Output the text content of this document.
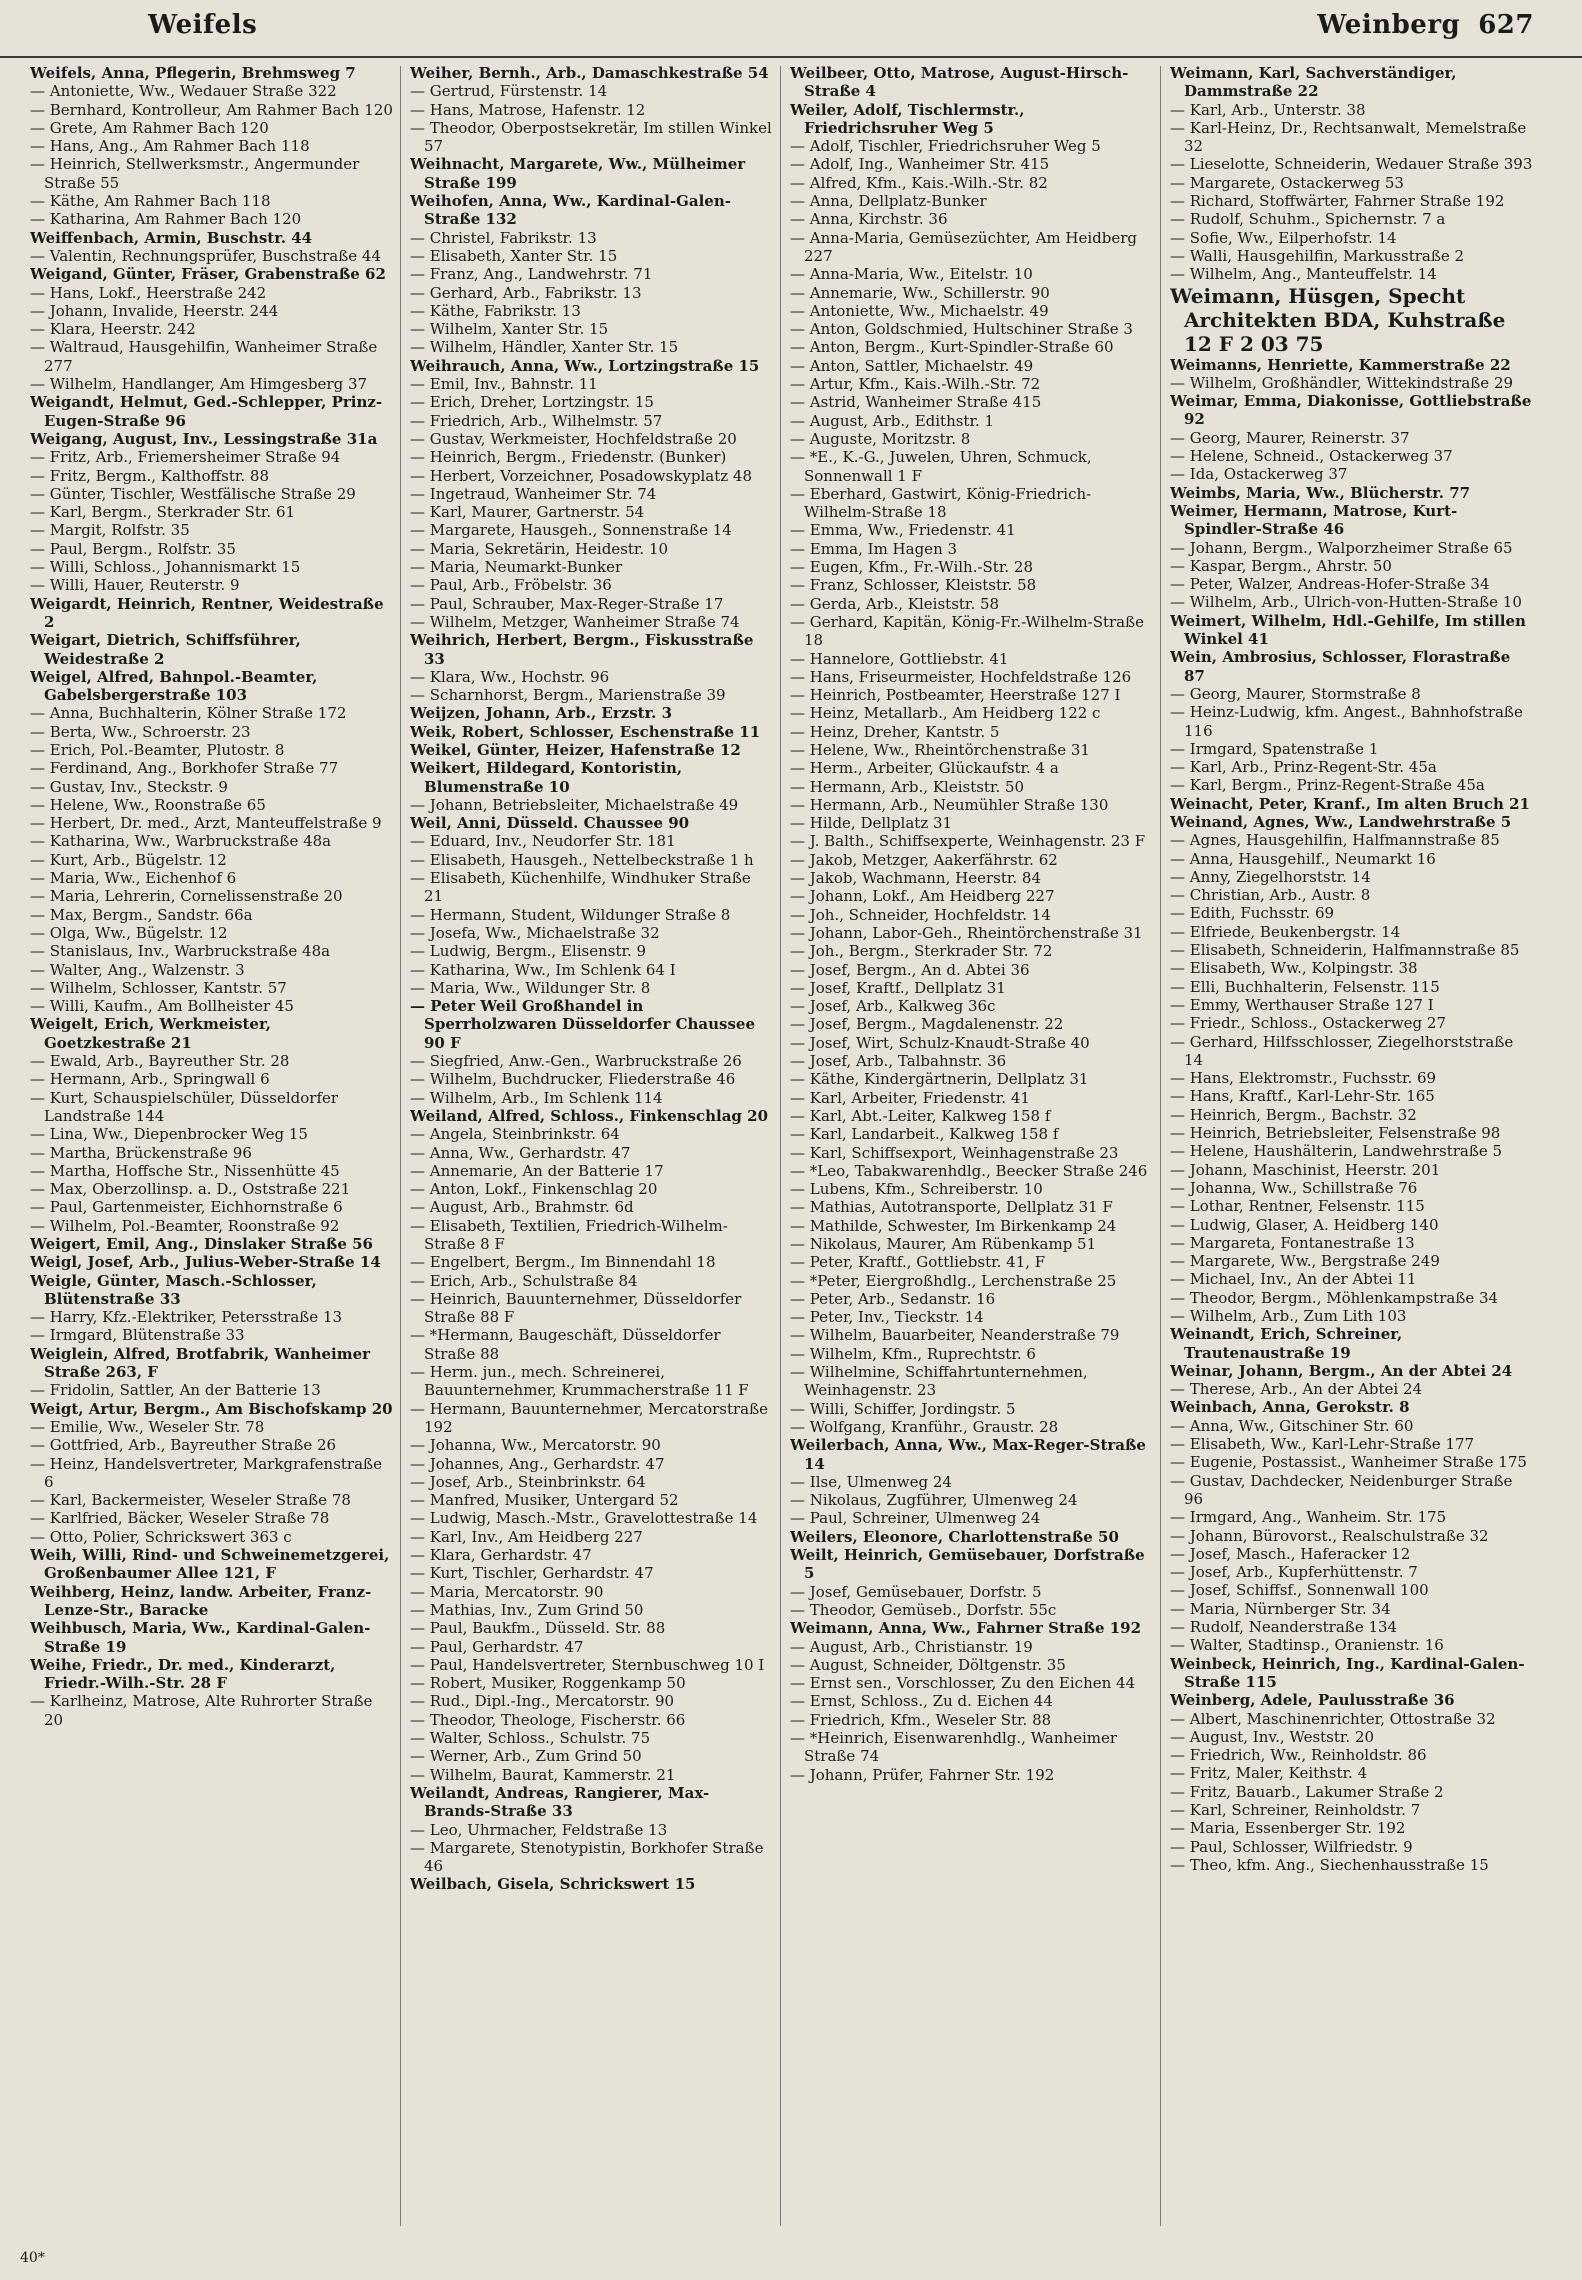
Weifels	Weinberg 627
Weifels, Anna, Pflegerin, Brehmsweg 7
— Antoniette, Ww., Wedauer Straße 322
— Bernhard, Kontrolleur, Am Rahmer Bach 120
— Grete, Am Rahmer Bach 120
— Hans, Ang., Am Rahmer Bach 118
— Heinrich, Stellwerksmstr., Angermunder Straße 55
— Käthe, Am Rahmer Bach 118
— Katharina, Am Rahmer Bach 120
Weiffenbach, Armin, Buschstr. 44
— Valentin, Rechnungsprüfer, Buschstraße 44
Weigand, Günter, Fräser, Grabenstraße 62
— Hans, Lokf., Heerstraße 242
— Johann, Invalide, Heerstr. 244
— Klara, Heerstr. 242
— Waltraud, Hausgehilfin, Wanheimer Straße 277
— Wilhelm, Handlanger, Am Himgesberg 37
Weigandt, Helmut, Ged.-Schlepper, Prinz-Eugen-Straße 96
Weigang, August, Inv., Lessingstraße 31a
— Fritz, Arb., Friemersheimer Straße 94
— Fritz, Bergm., Kalthoffstr. 88
— Günter, Tischler, Westfälische Straße 29
— Karl, Bergm., Sterkrader Str. 61
— Margit, Rolfstr. 35
— Paul, Bergm., Rolfstr. 35
— Willi, Schloss., Johannismarkt 15
— Willi, Hauer, Reuterstr. 9
Weigardt, Heinrich, Rentner, Weidestraße 2
Weigart, Dietrich, Schiffsführer, Weidestraße 2
Weigel, Alfred, Bahnpol.-Beamter, Gabelsbergerstraße 103
— Anna, Buchhalterin, Kölner Straße 172
— Berta, Ww., Schroerstr. 23
— Erich, Pol.-Beamter, Plutostr. 8
— Ferdinand, Ang., Borkhofer Straße 77
— Gustav, Inv., Steckstr. 9
— Helene, Ww., Roonstraße 65
— Herbert, Dr. med., Arzt, Manteuffelstraße 9
— Katharina, Ww., Warbruckstraße 48a
— Kurt, Arb., Bügelstr. 12
— Maria, Ww., Eichenhof 6
— Maria, Lehrerin, Cornelissenstraße 20
— Max, Bergm., Sandstr. 66a
— Olga, Ww., Bügelstr. 12
— Stanislaus, Inv., Warbruckstraße 48a
— Walter, Ang., Walzenstr. 3
— Wilhelm, Schlosser, Kantstr. 57
— Willi, Kaufm., Am Bollheister 45
Weigelt, Erich, Werkmeister, Goetzkestraße 21
— Ewald, Arb., Bayreuther Str. 28
— Hermann, Arb., Springwall 6
— Kurt, Schauspielschüler, Düsseldorfer Landstraße 144
— Lina, Ww., Diepenbrocker Weg 15
— Martha, Brückenstraße 96
— Martha, Hoffsche Str., Nissenhütte 45
— Max, Oberzollinsp. a. D., Oststraße 221
— Paul, Gartenmeister, Eichhornstraße 6
— Wilhelm, Pol.-Beamter, Roonstraße 92
Weigert, Emil, Ang., Dinslaker Straße 56
Weigl, Josef, Arb., Julius-Weber-Straße 14
Weigle, Günter, Masch.-Schlosser, Blütenstraße 33
— Harry, Kfz.-Elektriker, Petersstraße 13
— Irmgard, Blütenstraße 33
Weiglein, Alfred, Brotfabrik, Wanheimer Straße 263, F
— Fridolin, Sattler, An der Batterie 13
Weigt, Artur, Bergm., Am Bischofskamp 20
— Emilie, Ww., Weseler Str. 78
— Gottfried, Arb., Bayreuther Straße 26
— Heinz, Handelsvertreter, Markgrafenstraße 6
— Karl, Backermeister, Weseler Straße 78
— Karlfried, Bäcker, Weseler Straße 78
— Otto, Polier, Schrickswert 363 c
Weih, Willi, Rind- und Schweinemetzgerei, Großenbaumer Allee 121, F
Weihberg, Heinz, landw. Arbeiter, Franz-Lenze-Str., Baracke
Weihbusch, Maria, Ww., Kardinal-Galen-Straße 19
Weihe, Friedr., Dr. med., Kinderarzt, Friedr.-Wilh.-Str. 28 F
— Karlheinz, Matrose, Alte Ruhrorter Straße 20
Weiher, Bernh., Arb., Damaschkestraße 54
— Gertrud, Fürstenstr. 14
— Hans, Matrose, Hafenstr. 12
— Theodor, Oberpostsekretär, Im stillen Winkel 57
Weihnacht, Margarete, Ww., Mülheimer Straße 199
Weihofen, Anna, Ww., Kardinal-Galen-Straße 132
— Christel, Fabrikstr. 13
— Elisabeth, Xanter Str. 15
— Franz, Ang., Landwehrstr. 71
— Gerhard, Arb., Fabrikstr. 13
— Käthe, Fabrikstr. 13
— Wilhelm, Xanter Str. 15
— Wilhelm, Händler, Xanter Str. 15
Weihrauch, Anna, Ww., Lortzingstraße 15
— Emil, Inv., Bahnstr. 11
— Erich, Dreher, Lortzingstr. 15
— Friedrich, Arb., Wilhelmstr. 57
— Gustav, Werkmeister, Hochfeldstraße 20
— Heinrich, Bergm., Friedenstr. (Bunker)
— Herbert, Vorzeichner, Posadowskyplatz 48
— Ingetraud, Wanheimer Str. 74
— Karl, Maurer, Gartnerstr. 54
— Margarete, Hausgeh., Sonnenstraße 14
— Maria, Sekretärin, Heidestr. 10
— Maria, Neumarkt-Bunker
— Paul, Arb., Fröbelstr. 36
— Paul, Schrauber, Max-Reger-Straße 17
— Wilhelm, Metzger, Wanheimer Straße 74
Weihrich, Herbert, Bergm., Fiskusstraße 33
— Klara, Ww., Hochstr. 96
— Scharnhorst, Bergm., Marienstraße 39
Weijzen, Johann, Arb., Erzstr. 3
Weik, Robert, Schlosser, Eschenstraße 11
Weikel, Günter, Heizer, Hafenstraße 12
Weikert, Hildegard, Kontoristin, Blumenstraße 10
— Johann, Betriebsleiter, Michaelstraße 49
Weil, Anni, Düsseld. Chaussee 90
— Eduard, Inv., Neudorfer Str. 181
— Elisabeth, Hausgeh., Nettelbeckstraße 1 h
— Elisabeth, Küchenhilfe, Windhuker Straße 21
— Hermann, Student, Wildunger Straße 8
— Josefa, Ww., Michaelstraße 32
— Ludwig, Bergm., Elisenstr. 9
— Katharina, Ww., Im Schlenk 64 I
— Maria, Ww., Wildunger Str. 8
— Peter Weil Großhandel in Sperrholzwaren Düsseldorfer Chaussee 90 F
— Siegfried, Anw.-Gen., Warbruckstraße 26
— Wilhelm, Buchdrucker, Fliederstraße 46
— Wilhelm, Arb., Im Schlenk 114
Weiland, Alfred, Schloss., Finkenschlag 20
— Angela, Steinbrinkstr. 64
— Anna, Ww., Gerhardstr. 47
— Annemarie, An der Batterie 17
— Anton, Lokf., Finkenschlag 20
— August, Arb., Brahmstr. 6d
— Elisabeth, Textilien, Friedrich-Wilhelm-Straße 8 F
— Engelbert, Bergm., Im Binnendahl 18
— Erich, Arb., Schulstraße 84
— Heinrich, Bauunternehmer, Düsseldorfer Straße 88 F
— *Hermann, Baugeschäft, Düsseldorfer Straße 88
— Herm. jun., mech. Schreinerei, Bauunternehmer, Krummacherstraße 11 F
— Hermann, Bauunternehmer, Mercatorstraße 192
— Johanna, Ww., Mercatorstr. 90
— Johannes, Ang., Gerhardstr. 47
— Josef, Arb., Steinbrinkstr. 64
— Manfred, Musiker, Untergard 52
— Ludwig, Masch.-Mstr., Gravelottestraße 14
— Karl, Inv., Am Heidberg 227
— Klara, Gerhardstr. 47
— Kurt, Tischler, Gerhardstr. 47
— Maria, Mercatorstr. 90
— Mathias, Inv., Zum Grind 50
— Paul, Baukfm., Düsseld. Str. 88
— Paul, Gerhardstr. 47
— Paul, Handelsvertreter, Sternbuschweg 10 I
— Robert, Musiker, Roggenkamp 50
— Rud., Dipl.-Ing., Mercatorstr. 90
— Theodor, Theologe, Fischerstr. 66
— Walter, Schloss., Schulstr. 75
— Werner, Arb., Zum Grind 50
— Wilhelm, Baurat, Kammerstr. 21
Weilandt, Andreas, Rangierer, Max-Brands-Straße 33
— Leo, Uhrmacher, Feldstraße 13
— Margarete, Stenotypistin, Borkhofer Straße 46
Weilbach, Gisela, Schrickswert 15
Weilbeer, Otto, Matrose, August-Hirsch-Straße 4
Weiler, Adolf, Tischlermstr., Friedrichsruher Weg 5
— Adolf, Tischler, Friedrichsruher Weg 5
— Adolf, Ing., Wanheimer Str. 415
— Alfred, Kfm., Kais.-Wilh.-Str. 82
— Anna, Dellplatz-Bunker
— Anna, Kirchstr. 36
— Anna-Maria, Gemüsezüchter, Am Heidberg 227
— Anna-Maria, Ww., Eitelstr. 10
— Annemarie, Ww., Schillerstr. 90
— Antoniette, Ww., Michaelstr. 49
— Anton, Goldschmied, Hultschiner Straße 3
— Anton, Bergm., Kurt-Spindler-Straße 60
— Anton, Sattler, Michaelstr. 49
— Artur, Kfm., Kais.-Wilh.-Str. 72
— Astrid, Wanheimer Straße 415
— August, Arb., Edithstr. 1
— Auguste, Moritzstr. 8
— *E., K.-G., Juwelen, Uhren, Schmuck, Sonnenwall 1 F
— Eberhard, Gastwirt, König-Friedrich-Wilhelm-Straße 18
— Emma, Ww., Friedenstr. 41
— Emma, Im Hagen 3
— Eugen, Kfm., Fr.-Wilh.-Str. 28
— Franz, Schlosser, Kleiststr. 58
— Gerda, Arb., Kleiststr. 58
— Gerhard, Kapitän, König-Fr.-Wilhelm-Straße 18
— Hannelore, Gottliebstr. 41
— Hans, Friseurmeister, Hochfeldstraße 126
— Heinrich, Postbeamter, Heerstraße 127 I
— Heinz, Metallarb., Am Heidberg 122 c
— Heinz, Dreher, Kantstr. 5
— Helene, Ww., Rheintörchenstraße 31
— Herm., Arbeiter, Glückaufstr. 4 a
— Hermann, Arb., Kleiststr. 50
— Hermann, Arb., Neumühler Straße 130
— Hilde, Dellplatz 31
— J. Balth., Schiffsexperte, Weinhagenstr. 23 F
— Jakob, Metzger, Aakerfährstr. 62
— Jakob, Wachmann, Heerstr. 84
— Johann, Lokf., Am Heidberg 227
— Joh., Schneider, Hochfeldstr. 14
— Johann, Labor-Geh., Rheintörchenstraße 31
— Joh., Bergm., Sterkrader Str. 72
— Josef, Bergm., An d. Abtei 36
— Josef, Kraftf., Dellplatz 31
— Josef, Arb., Kalkweg 36c
— Josef, Bergm., Magdalenenstr. 22
— Josef, Wirt, Schulz-Knaudt-Straße 40
— Josef, Arb., Talbahnstr. 36
— Käthe, Kindergärtnerin, Dellplatz 31
— Karl, Arbeiter, Friedenstr. 41
— Karl, Abt.-Leiter, Kalkweg 158 f
— Karl, Landarbeit., Kalkweg 158 f
— Karl, Schiffsexport, Weinhagenstraße 23
— *Leo, Tabakwarenhdlg., Beecker Straße 246
— Lubens, Kfm., Schreiberstr. 10
— Mathias, Autotransporte, Dellplatz 31 F
— Mathilde, Schwester, Im Birkenkamp 24
— Nikolaus, Maurer, Am Rübenkamp 51
— Peter, Kraftf., Gottliebstr. 41, F
— *Peter, Eiergroßhdlg., Lerchenstraße 25
— Peter, Arb., Sedanstr. 16
— Peter, Inv., Tieckstr. 14
— Wilhelm, Bauarbeiter, Neanderstraße 79
— Wilhelm, Kfm., Ruprechtstr. 6
— Wilhelmine, Schiffahrtunternehmen, Weinhagenstr. 23
— Willi, Schiffer, Jordingstr. 5
— Wolfgang, Kranführ., Graustr. 28
Weilerbach, Anna, Ww., Max-Reger-Straße 14
— Ilse, Ulmenweg 24
— Nikolaus, Zugführer, Ulmenweg 24
— Paul, Schreiner, Ulmenweg 24
Weilers, Eleonore, Charlottenstraße 50
Weilt, Heinrich, Gemüsebauer, Dorfstraße 5
— Josef, Gemüsebauer, Dorfstr. 5
— Theodor, Gemüseb., Dorfstr. 55c
Weimann, Anna, Ww., Fahrner Straße 192
— August, Arb., Christianstr. 19
— August, Schneider, Döltgenstr. 35
— Ernst sen., Vorschlosser, Zu den Eichen 44
— Ernst, Schloss., Zu d. Eichen 44
— Friedrich, Kfm., Weseler Str. 88
— *Heinrich, Eisenwarenhdlg., Wanheimer Straße 74
— Johann, Prüfer, Fahrner Str. 192
Weimann, Karl, Sachverständiger, Dammstraße 22
— Karl, Arb., Unterstr. 38
— Karl-Heinz, Dr., Rechtsanwalt, Memelstraße 32
— Lieselotte, Schneiderin, Wedauer Straße 393
— Margarete, Ostackerweg 53
— Richard, Stoffwärter, Fahrner Straße 192
— Rudolf, Schuhm., Spichernstr. 7 a
— Sofie, Ww., Eilperhofstr. 14
— Walli, Hausgehilfin, Markusstraße 2
— Wilhelm, Ang., Manteuffelstr. 14
Weimann, Hüsgen, Specht Architekten BDA, Kuhstraße 12 F 2 03 75
Weimanns, Henriette, Kammerstraße 22
— Wilhelm, Großhändler, Wittekindstraße 29
Weimar, Emma, Diakonisse, Gottliebstraße 92
— Georg, Maurer, Reinerstr. 37
— Helene, Schneid., Ostackerweg 37
— Ida, Ostackerweg 37
Weimbs, Maria, Ww., Blücherstr. 77
Weimer, Hermann, Matrose, Kurt-Spindler-Straße 46
— Johann, Bergm., Walporzheimer Straße 65
— Kaspar, Bergm., Ahrstr. 50
— Peter, Walzer, Andreas-Hofer-Straße 34
— Wilhelm, Arb., Ulrich-von-Hutten-Straße 10
Weimert, Wilhelm, Hdl.-Gehilfe, Im stillen Winkel 41
Wein, Ambrosius, Schlosser, Florastraße 87
— Georg, Maurer, Stormstraße 8
— Heinz-Ludwig, kfm. Angest., Bahnhofstraße 116
— Irmgard, Spatenstraße 1
— Karl, Arb., Prinz-Regent-Str. 45a
— Karl, Bergm., Prinz-Regent-Straße 45a
Weinacht, Peter, Kranf., Im alten Bruch 21
Weinand, Agnes, Ww., Landwehrstraße 5
— Agnes, Hausgehilfin, Halfmannstraße 85
— Anna, Hausgehilf., Neumarkt 16
— Anny, Ziegelhorststr. 14
— Christian, Arb., Austr. 8
— Edith, Fuchsstr. 69
— Elfriede, Beukenbergstr. 14
— Elisabeth, Schneiderin, Halfmannstraße 85
— Elisabeth, Ww., Kolpingstr. 38
— Elli, Buchhalterin, Felsenstr. 115
— Emmy, Werthauser Straße 127 I
— Friedr., Schloss., Ostackerweg 27
— Gerhard, Hilfsschlosser, Ziegelhorststraße 14
— Hans, Elektromstr., Fuchsstr. 69
— Hans, Kraftf., Karl-Lehr-Str. 165
— Heinrich, Bergm., Bachstr. 32
— Heinrich, Betriebsleiter, Felsenstraße 98
— Helene, Haushälterin, Landwehrstraße 5
— Johann, Maschinist, Heerstr. 201
— Johanna, Ww., Schillstraße 76
— Lothar, Rentner, Felsenstr. 115
— Ludwig, Glaser, A. Heidberg 140
— Margareta, Fontanestraße 13
— Margarete, Ww., Bergstraße 249
— Michael, Inv., An der Abtei 11
— Theodor, Bergm., Möhlenkampstraße 34
— Wilhelm, Arb., Zum Lith 103
Weinandt, Erich, Schreiner, Trautenaustraße 19
Weinar, Johann, Bergm., An der Abtei 24
— Therese, Arb., An der Abtei 24
Weinbach, Anna, Gerokstr. 8
— Anna, Ww., Gitschiner Str. 60
— Elisabeth, Ww., Karl-Lehr-Straße 177
— Eugenie, Postassist., Wanheimer Straße 175
— Gustav, Dachdecker, Neidenburger Straße 96
— Irmgard, Ang., Wanheim. Str. 175
— Johann, Bürovorst., Realschulstraße 32
— Josef, Masch., Haferacker 12
— Josef, Arb., Kupferhüttenstr. 7
— Josef, Schiffsf., Sonnenwall 100
— Maria, Nürnberger Str. 34
— Rudolf, Neanderstraße 134
— Walter, Stadtinsp., Oranienstr. 16
Weinbeck, Heinrich, Ing., Kardinal-Galen-Straße 115
Weinberg, Adele, Paulusstraße 36
— Albert, Maschinenrichter, Ottostraße 32
— August, Inv., Weststr. 20
— Friedrich, Ww., Reinholdstr. 86
— Fritz, Maler, Keithstr. 4
— Fritz, Bauarb., Lakumer Straße 2
— Karl, Schreiner, Reinholdstr. 7
— Maria, Essenberger Str. 192
— Paul, Schlosser, Wilfriedstr. 9
— Theo, kfm. Ang., Siechenhausstraße 15
40*
